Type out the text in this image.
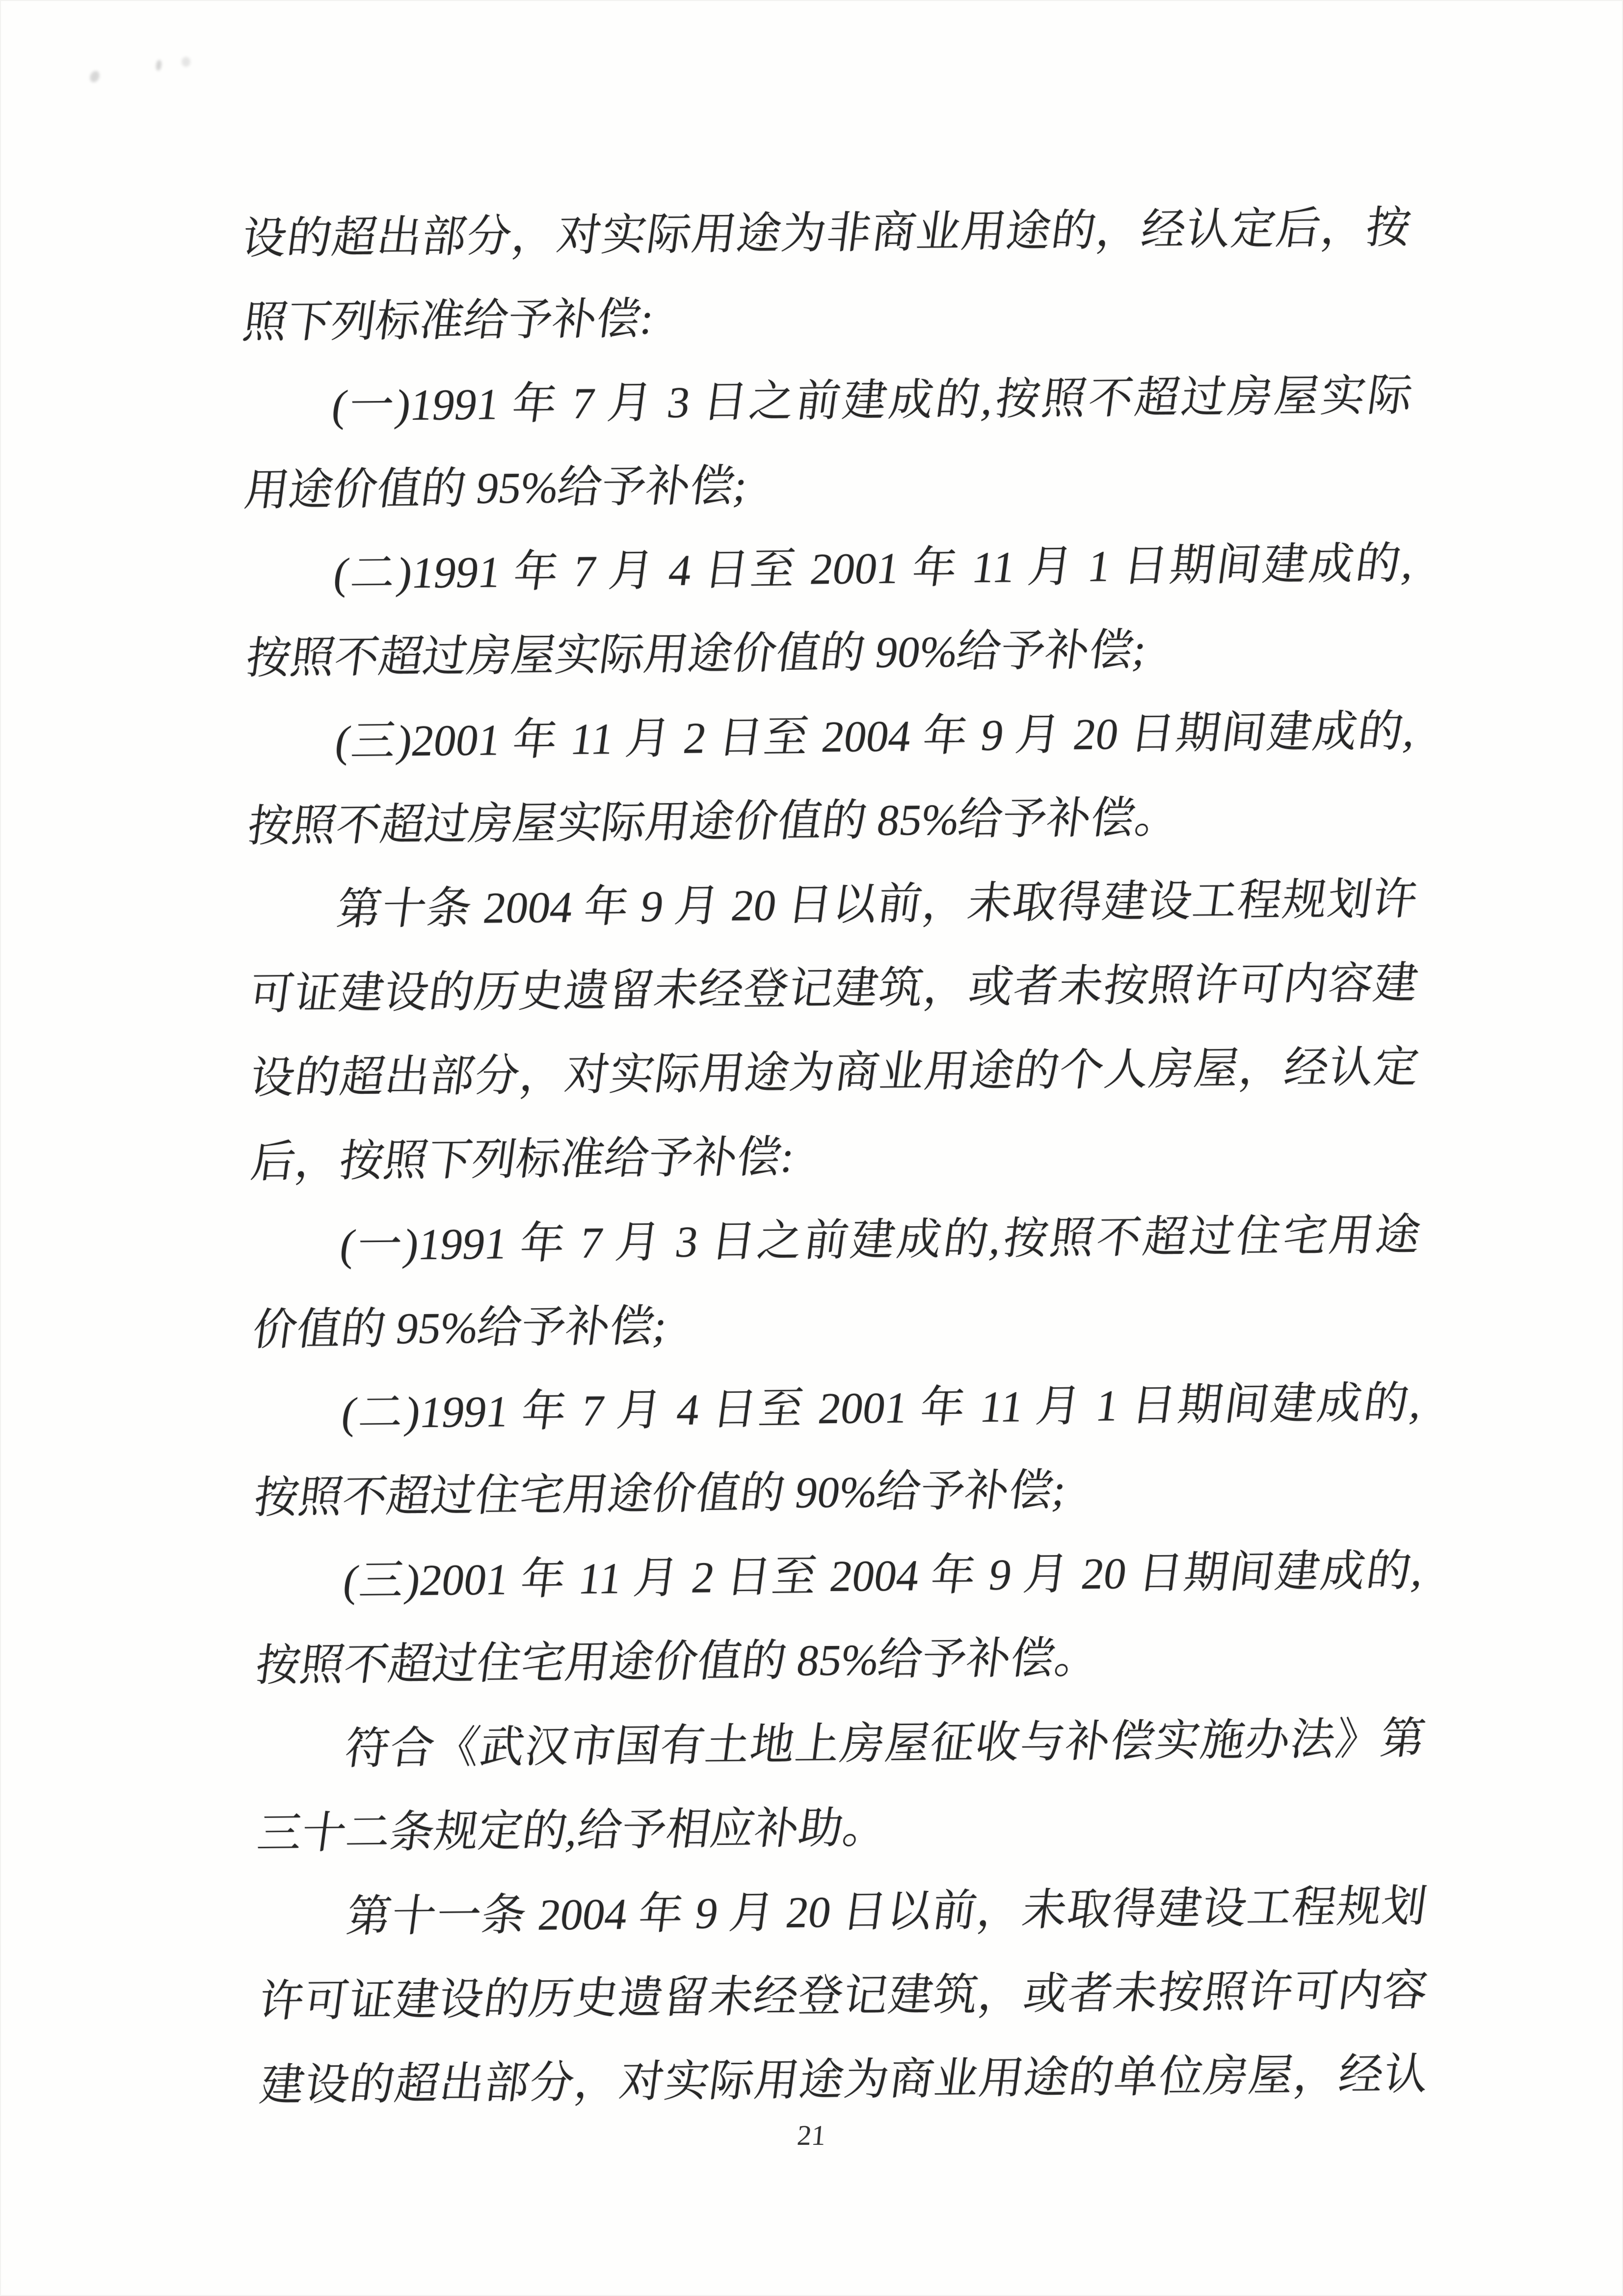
设的超出部分，对实际用途为非商业用途的，经认定后，按
照下列标准给予补偿:
(一)1991 年 7 月 3 日之前建成的,按照不超过房屋实际
用途价值的 95%给予补偿;
(二)1991 年 7 月 4 日至 2001 年 11 月 1 日期间建成的,
按照不超过房屋实际用途价值的 90%给予补偿;
(三)2001 年 11 月 2 日至 2004 年 9 月 20 日期间建成的,
按照不超过房屋实际用途价值的 85%给予补偿。
第十条 2004 年 9 月 20 日以前，未取得建设工程规划许
可证建设的历史遗留未经登记建筑，或者未按照许可内容建
设的超出部分，对实际用途为商业用途的个人房屋，经认定
后，按照下列标准给予补偿:
(一)1991 年 7 月 3 日之前建成的,按照不超过住宅用途
价值的 95%给予补偿;
(二)1991 年 7 月 4 日至 2001 年 11 月 1 日期间建成的,
按照不超过住宅用途价值的 90%给予补偿;
(三)2001 年 11 月 2 日至 2004 年 9 月 20 日期间建成的,
按照不超过住宅用途价值的 85%给予补偿。
符合《武汉市国有土地上房屋征收与补偿实施办法》第
三十二条规定的,给予相应补助。
第十一条 2004 年 9 月 20 日以前，未取得建设工程规划
许可证建设的历史遗留未经登记建筑，或者未按照许可内容
建设的超出部分，对实际用途为商业用途的单位房屋，经认
21
